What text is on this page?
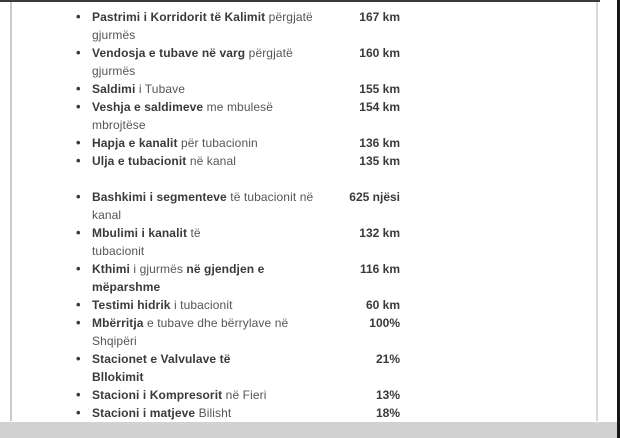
• Pastrimi i Korridorit të Kalimit përgjatë
gjurmës
167 km
• Vendosja e tubave në varg përgjatë
gjurmës
160 km
• Saldimi i Tubave	155 km
• Veshja e saldimeve me mbulesë
mbrojtëse
154 km
• Hapja e kanalit për tubacionin	136 km
• Ulja e tubacionit në kanal	135 km
• Bashkimi i segmenteve të tubacionit në
kanal
625 njësi
• Mbulimi i kanalit të
tubacionit
132 km
• Kthimi i gjurmës në gjendjen e
mëparshme
116 km
• Testimi hidrik i tubacionit	60 km
• Mbërritja e tubave dhe bërrylave në
Shqipëri
100%
• Stacionet e Valvulave të
Bllokimit
21%
• Stacioni i Kompresorit në Fieri	13%
• Stacioni i matjeve Bilisht	18%
